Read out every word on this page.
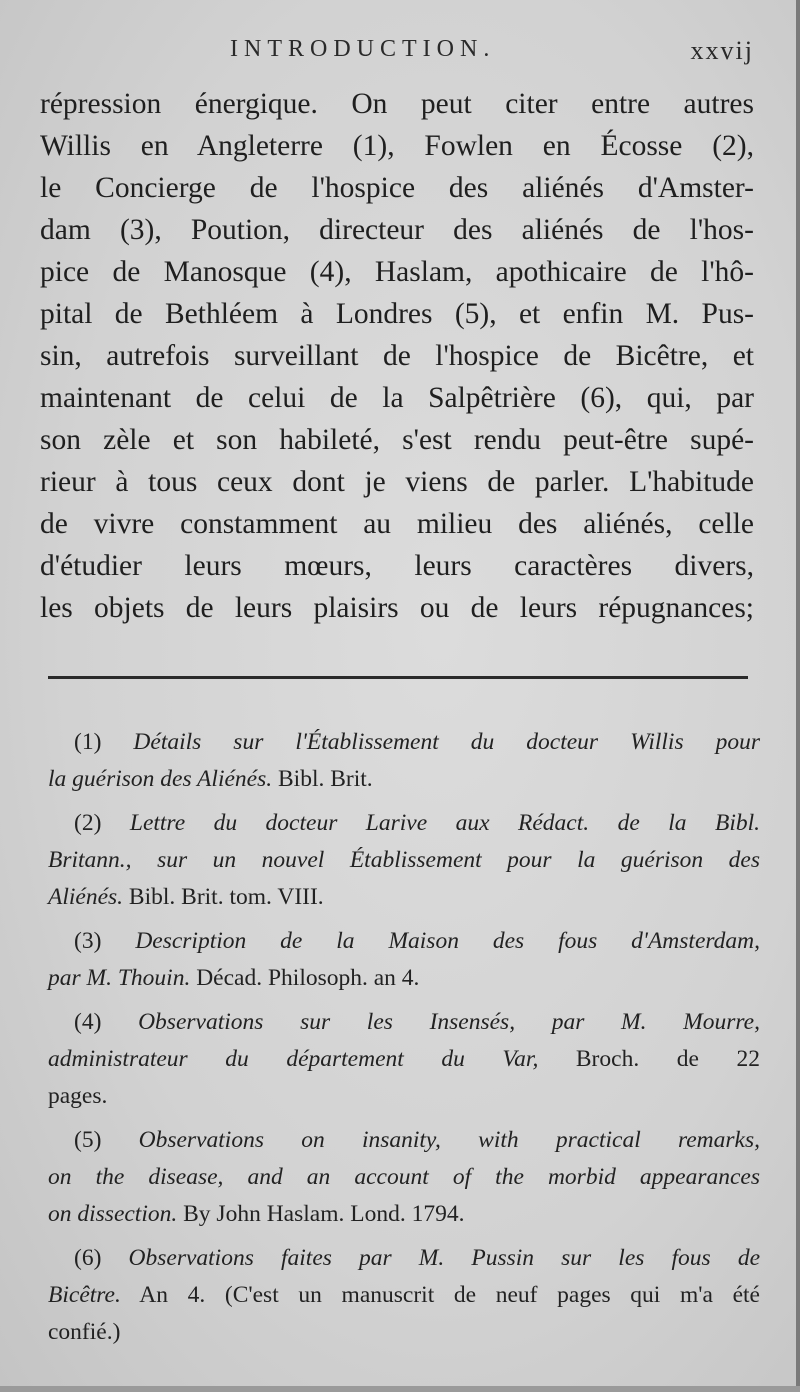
INTRODUCTION.	xxvij
répression énergique. On peut citer entre autres
Willis en Angleterre (1), Fowlen en Écosse (2),
le Concierge de l'hospice des aliénés d'Amster-
dam (3), Poution, directeur des aliénés de l'hos-
pice de Manosque (4), Haslam, apothicaire de l'hô-
pital de Bethléem à Londres (5), et enfin M. Pus-
sin, autrefois surveillant de l'hospice de Bicêtre, et
maintenant de celui de la Salpêtrière (6), qui, par
son zèle et son habileté, s'est rendu peut-être supé-
rieur à tous ceux dont je viens de parler. L'habitude
de vivre constamment au milieu des aliénés, celle
d'étudier leurs mœurs, leurs caractères divers,
les objets de leurs plaisirs ou de leurs répugnances;
(1) Détails sur l'Établissement du docteur Willis pour
la guérison des Aliénés. Bibl. Brit.
(2) Lettre du docteur Larive aux Rédact. de la Bibl.
Britann., sur un nouvel Établissement pour la guérison des
Aliénés. Bibl. Brit. tom. VIII.
(3) Description de la Maison des fous d'Amsterdam,
par M. Thouin. Décad. Philosoph. an 4.
(4) Observations sur les Insensés, par M. Mourre,
administrateur du département du Var, Broch. de 22
pages.
(5) Observations on insanity, with practical remarks,
on the disease, and an account of the morbid appearances
on dissection. By John Haslam. Lond. 1794.
(6) Observations faites par M. Pussin sur les fous de
Bicêtre. An 4. (C'est un manuscrit de neuf pages qui m'a été
confié.)
